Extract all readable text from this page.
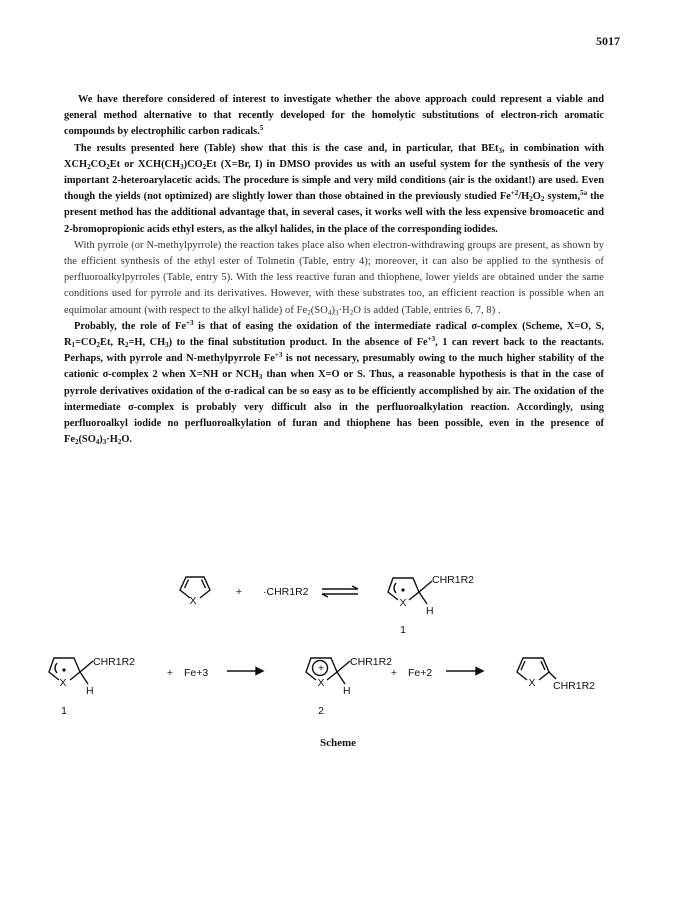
5017

We have therefore considered of interest to investigate whether the above approach could represent a viable and general method alternative to that recently developed for the homolytic substitutions of electron-rich aromatic compounds by electrophilic carbon radicals.$^5$

The results presented here (Table) show that this is the case and, in particular, that BEt$_3$, in combination with $XCH_2CO_2Et$ or $XCH(CH_3)CO_2Et$ (X=Br, I) in DMSO provides us with an useful system for the synthesis of the very important 2-heteroarylacetic acids. The procedure is simple and very mild conditions (air is the oxidant!) are used. Even though the yields (not optimized) are slightly lower than those obtained in the previously studied $Fe^{+2}/H_2O_2$ system,$^{5a}$ the present method has the additional advantage that, in several cases, it works well with the less expensive bromoacetic and 2-bromopropionic acids ethyl esters, as the alkyl halides, in the place of the corresponding iodides.

With pyrrole (or N-methylpyrrole) the reaction takes place also when electron-withdrawing groups are present, as shown by the efficient synthesis of the ethyl ester of Tolmetin (Table, entry 4); moreover, it can also be applied to the synthesis of perfluoroalkylpyrroles (Table, entry 5). With the less reactive furan and thiophene, lower yields are obtained under the same conditions used for pyrrole and its derivatives. However, with these substrates too, an efficient reaction is possible when an equimolar amount (with respect to the alkyl halide) of $Fe_2(SO_4)_3\cdot H_2O$ is added (Table, entries 6, 7, 8) .

Probably, the role of $Fe^{+3}$ is that of easing the oxidation of the intermediate radical σ-complex (Scheme, X=O, S, $R_1=CO_2Et$, $R_2=H$, $CH_3$) to the final substitution product. In the absence of $Fe^{+3}$, 1 can revert back to the reactants. Perhaps, with pyrrole and N-methylpyrrole $Fe^{+3}$ is not necessary, presumably owing to the much higher stability of the cationic σ-complex 2 when X=NH or $NCH_3$ than when X=O or S. Thus, a reasonable hypothesis is that in the case of pyrrole derivatives oxidation of the σ-radical can be so easy as to be efficiently accomplished by air. The oxidation of the intermediate σ-complex is probably very difficult also in the perfluoroalkylation reaction. Accordingly, using perfluoroalkyl iodide no perfluoroalkylation of furan and thiophene has been possible, even in the presence of $Fe_2(SO_4)_3\cdot H_2O$.

X
+ ·CHR1R2
X
CHR1R2
H
1
X
CHR1R2
H
1
+ Fe+3
X
CHR1R2
H
2
+ Fe+2
X CHR1R2
+
Scheme
